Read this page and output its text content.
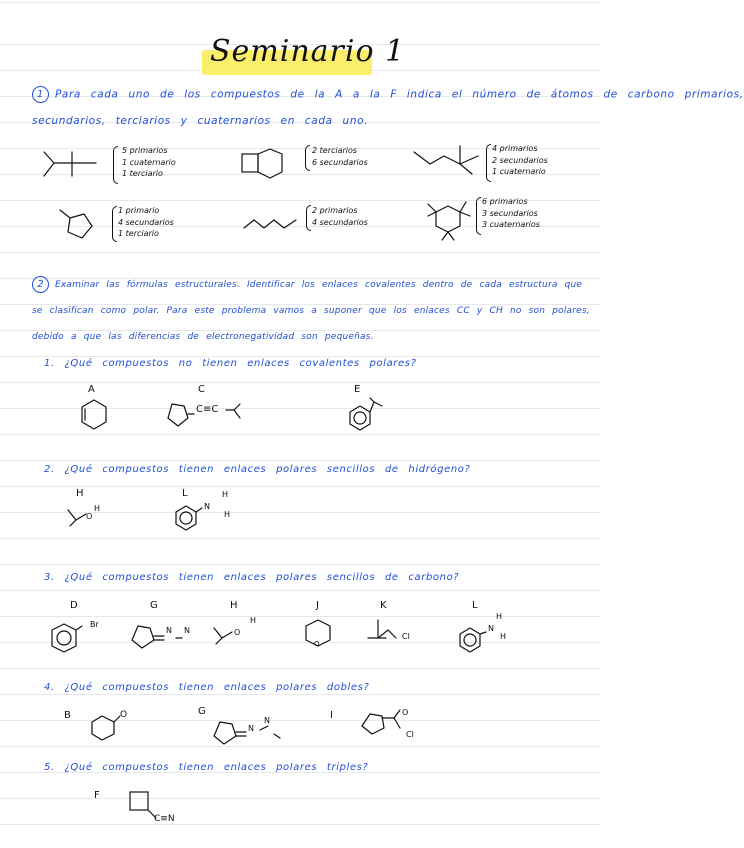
Seminario 1
1 Para cada uno de los compuestos de la A a la F indica el número de átomos de carbono primarios,
secundarios, terciarios y cuaternarios en cada uno.
5 primarios
1 cuaternario
1 terciario
2 terciarios
6 secundarios
4 primarios
2 secundarios
1 cuaternario
1 primario
4 secundarios
1 terciario
2 primarios
4 secundarios
6 primarios
3 secundarios
3 cuaternarios
2 Examinar las fórmulas estructurales. Identificar los enlaces covalentes dentro de cada estructura que
se clasifican como polar. Para este problema vamos a suponer que los enlaces CC y CH no son polares,
debido a que las diferencias de electronegatividad son pequeñas.
1. ¿Qué compuestos no tienen enlaces covalentes polares?
A	C
C≡C
E
2. ¿Qué compuestos tienen enlaces polares sencillos de hidrógeno?
H
O
H
L
N
H
H
3. ¿Qué compuestos tienen enlaces polares sencillos de carbono?
D
Br
G
N N
H
O
H
J
O
K
Cl
L
N
H
H
4. ¿Qué compuestos tienen enlaces polares dobles?
B	O	G
N
N	I	O
Cl
5. ¿Qué compuestos tienen enlaces polares triples?
F
C≡N
